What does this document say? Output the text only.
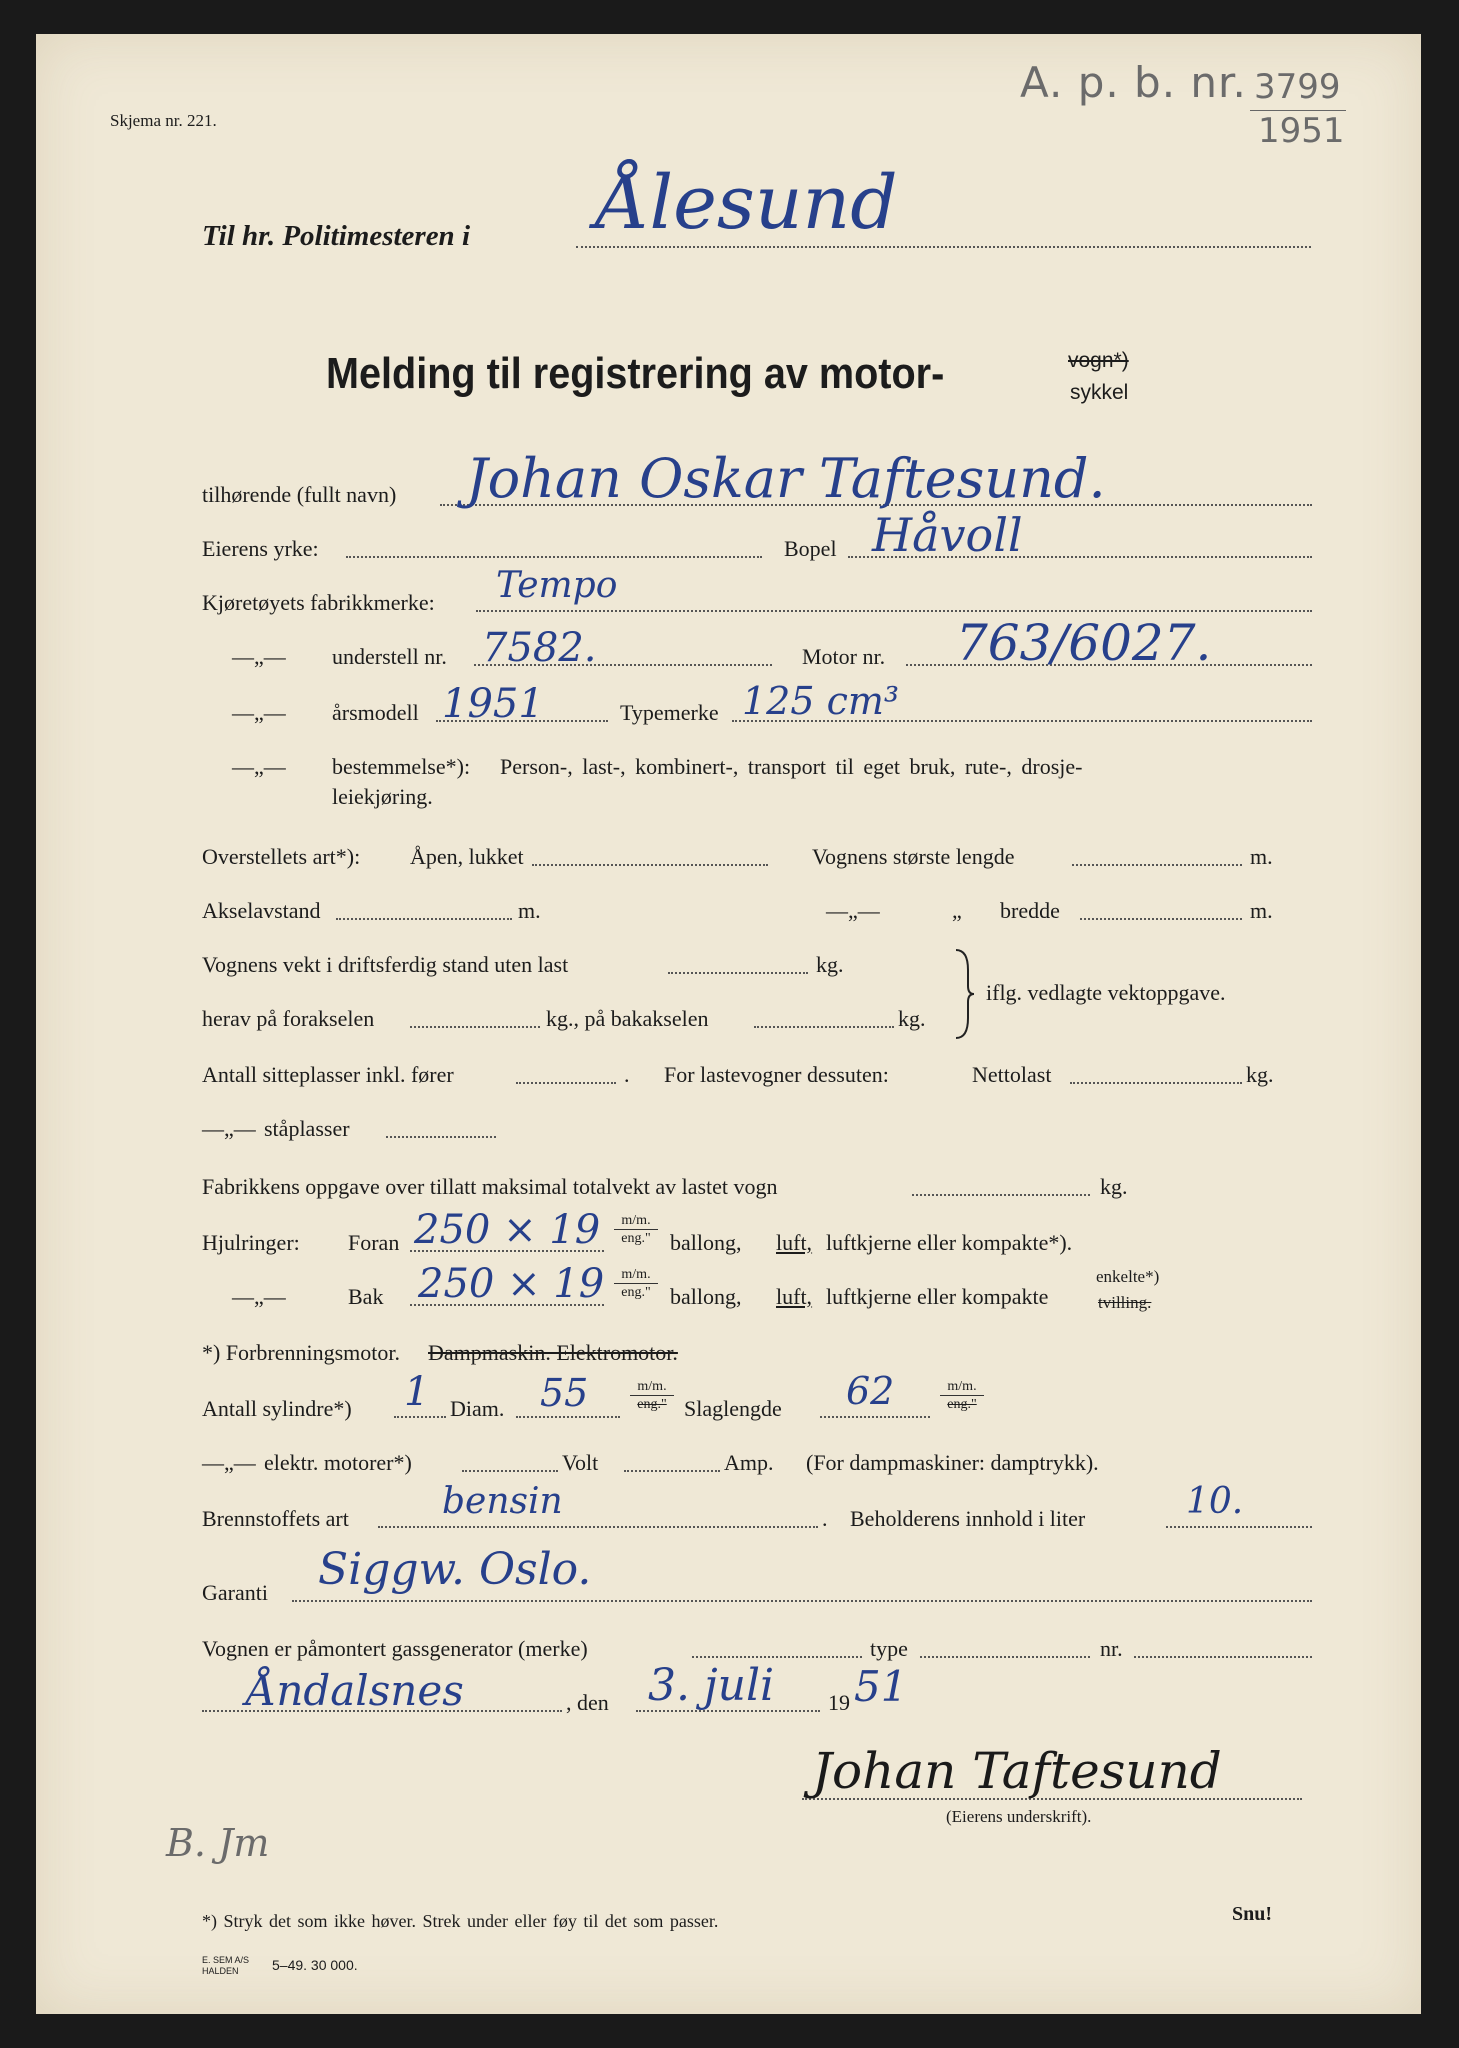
Skjema nr. 221.
A. p. b. nr. 3799
1951
Til hr. Politimesteren i Ålesund
Melding til registrering av motor-	vogn*)
sykkel
tilhørende (fullt navn) Johan Oskar Taftesund.
Eierens yrke:	Bopel Håvoll
Kjøretøyets fabrikkmerke: Tempo
—„— understell nr. 7582.	Motor nr. 763/6027.
—„— årsmodell 1951	Typemerke 125 cm³
—„— bestemmelse*): Person-, last-, kombinert-, transport til eget bruk, rute-, drosje-
leiekjøring.
Overstellets art*): Åpen, lukket	Vognens største lengde	m.
Akselavstand	m.	—„—	„ bredde	m.
Vognens vekt i driftsferdig stand uten last	kg.
herav på forakselen	kg., på bakakselen	kg.
iflg. vedlagte vektoppgave.
Antall sitteplasser inkl. fører	. For lastevogner dessuten:	Nettolast	kg.
—„— ståplasser
Fabrikkens oppgave over tillatt maksimal totalvekt av lastet vogn	kg.
Hjulringer: Foran 250 × 19	m/m.
eng." ballong, luft, luftkjerne eller kompakte*).
—„—	Bak 250 × 19	m/m.
eng." ballong, luft, luftkjerne eller kompakte
enkelte*)
tvilling.
*) Forbrenningsmotor. Dampmaskin. Elektromotor.
Antall sylindre*) 1 Diam. 55	m/m.
eng." Slaglengde 62	m/m.
eng."
—„— elektr. motorer*)	Volt	Amp. (For dampmaskiner: damptrykk).
Brennstoffets art	bensin	. Beholderens innhold i liter	10.
Garanti Siggw. Oslo.
Vognen er påmontert gassgenerator (merke)	type	nr.
Åndalsnes	, den 3. juli 19 51
Johan Taftesund
(Eierens underskrift).
B. Jm
*) Stryk det som ikke høver. Strek under eller føy til det som passer.	Snu!
E. SEM A/S
HALDEN 5–49. 30 000.
